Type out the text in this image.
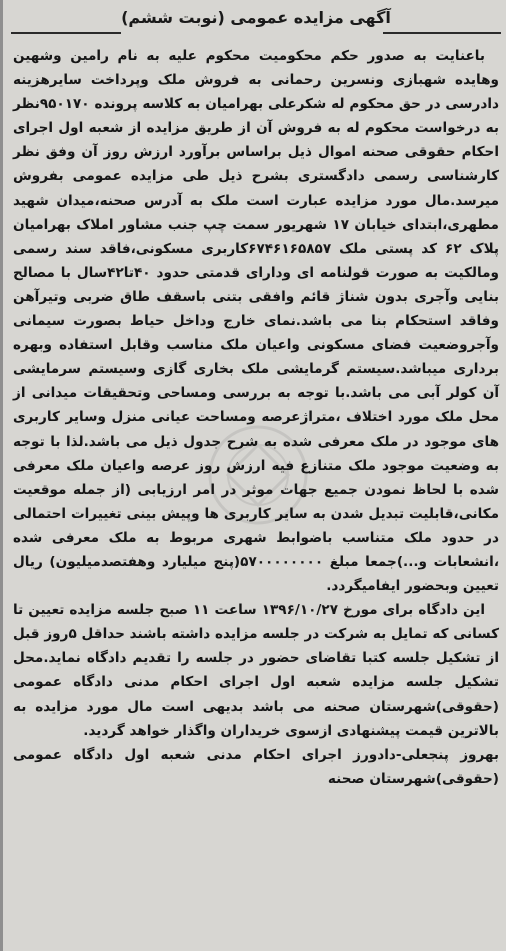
آگهی مزایده عمومی (نوبت ششم)

باعنایت به صدور حکم محکومیت محکوم علیه به نام رامین وشهین وهایده شهبازی ونسرین رحمانی به فروش ملک وپرداخت سایرهزینه دادرسی در حق محکوم له شکرعلی بهرامیان به کلاسه پرونده ۹۵۰۱۷۰نظر به درخواست محکوم له به فروش آن از طریق مزایده از شعبه اول اجرای احکام حقوقی صحنه اموال ذیل براساس برآورد ارزش روز آن وفق نظر کارشناسی رسمی دادگستری بشرح ذیل طی مزایده عمومی بفروش میرسد.مال مورد مزایده عبارت است ملک به آدرس صحنه،میدان شهید مطهری،ابتدای خیابان ۱۷ شهریور سمت چپ جنب مشاور املاک بهرامیان پلاک ۶۲ کد پستی ملک ۶۷۴۶۱۶۵۸۵۷کاربری مسکونی،فاقد سند رسمی ومالکیت به صورت قولنامه ای ودارای قدمتی حدود ۴۰تا۴۲سال با مصالح بنایی وآجری بدون شناژ قائم وافقی بتنی باسقف طاق ضربی وتیرآهن وفاقد استحکام بنا می باشد.نمای خارج وداخل حیاط بصورت سیمانی وآجروضعیت فضای مسکونی واعیان ملک مناسب وقابل استفاده وبهره برداری میباشد.سیستم گرمایشی ملک بخاری گازی وسیستم سرمایشی آن کولر آبی می باشد.با توجه به بررسی ومساحی وتحقیقات میدانی از محل ملک مورد اختلاف ،متراژعرصه ومساحت عیانی منزل وسایر کاربری های موجود در ملک معرفی شده به شرح جدول ذیل می باشد.لذا با توجه به وضعیت موجود ملک متنازع فیه ارزش روز عرصه واعیان ملک معرفی شده با لحاظ نمودن جمیع جهات موثر در امر ارزیابی (از جمله موقعیت مکانی،قابلیت تبدیل شدن به سایر کاربری ها وپیش بینی تغییرات احتمالی در حدود ملک متناسب باضوابط شهری مربوط به ملک معرفی شده ،انشعابات و...)جمعا مبلغ ۵۷۰۰۰۰۰۰۰۰(پنج میلیارد وهفتصدمیلیون) ریال تعیین وبحضور ایفامیگردد.

این دادگاه برای مورخ ۱۳۹۶/۱۰/۲۷ ساعت ۱۱ صبح جلسه مزایده تعیین تا کسانی که تمایل به شرکت در جلسه مزایده داشته باشند حداقل ۵روز قبل از تشکیل جلسه کتبا تقاضای حضور در جلسه را تقدیم دادگاه نماید.محل تشکیل جلسه مزایده شعبه اول اجرای احکام مدنی دادگاه عمومی (حقوقی)شهرستان صحنه می باشد بدیهی است مال مورد مزایده به بالاترین قیمت پیشنهادی ازسوی خریداران واگذار خواهد گردید.

بهروز پنجعلی-دادورز اجرای احکام مدنی شعبه اول دادگاه عمومی (حقوقی)شهرستان صحنه
